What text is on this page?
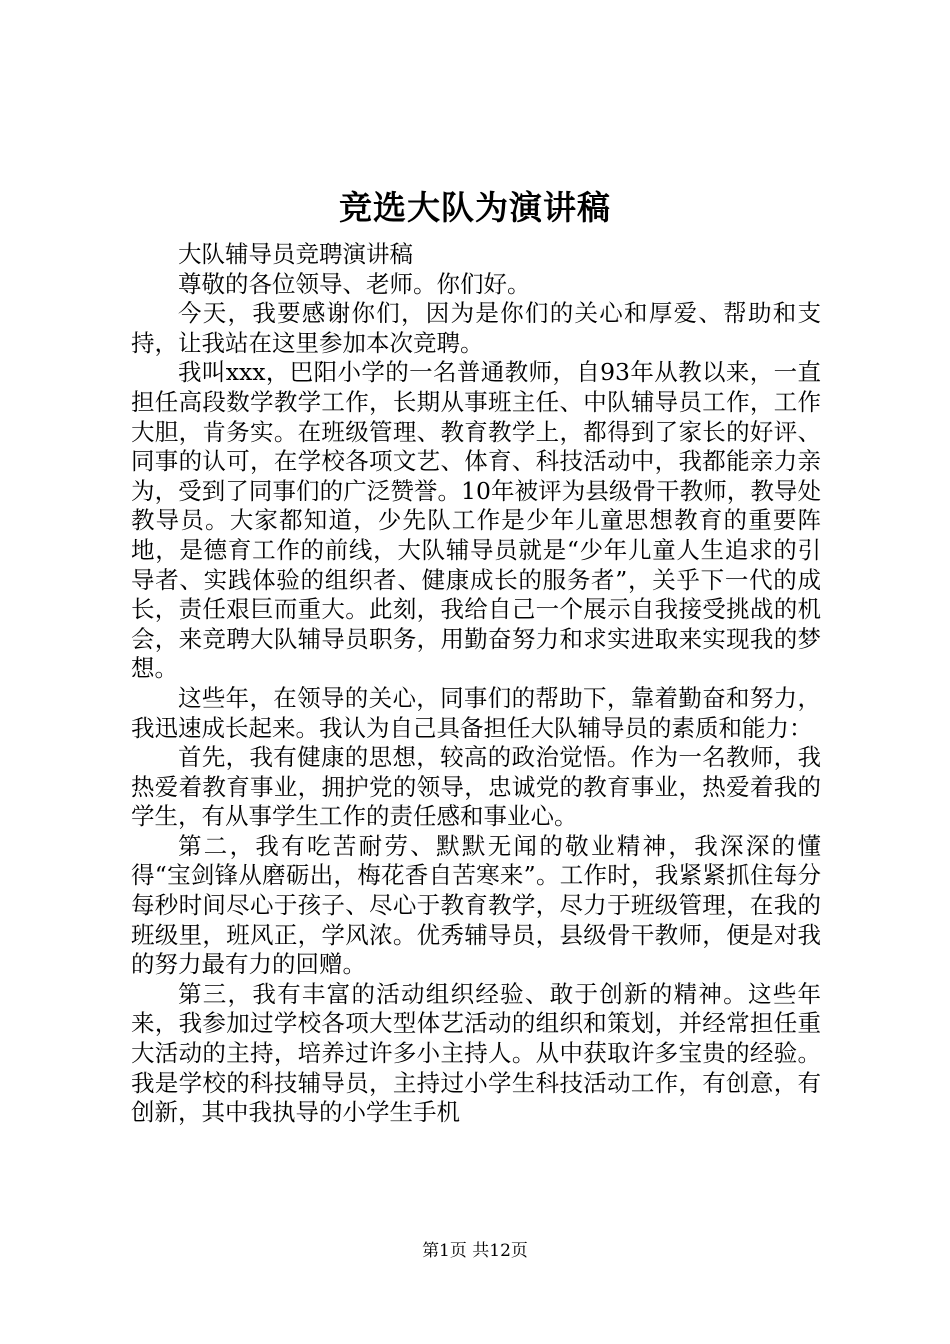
竞选大队为演讲稿

大队辅导员竞聘演讲稿

尊敬的各位领导、老师。你们好。

今天，我要感谢你们，因为是你们的关心和厚爱、帮助和支持，让我站在这里参加本次竞聘。

我叫xxx，巴阳小学的一名普通教师，自93年从教以来，一直担任高段数学教学工作，长期从事班主任、中队辅导员工作，工作大胆，肯务实。在班级管理、教育教学上，都得到了家长的好评、同事的认可，在学校各项文艺、体育、科技活动中，我都能亲力亲为，受到了同事们的广泛赞誉。10年被评为县级骨干教师，教导处教导员。大家都知道，少先队工作是少年儿童思想教育的重要阵地，是德育工作的前线，大队辅导员就是“少年儿童人生追求的引导者、实践体验的组织者、健康成长的服务者”，关乎下一代的成长，责任艰巨而重大。此刻，我给自己一个展示自我接受挑战的机会，来竞聘大队辅导员职务，用勤奋努力和求实进取来实现我的梦想。

这些年，在领导的关心，同事们的帮助下，靠着勤奋和努力，我迅速成长起来。我认为自己具备担任大队辅导员的素质和能力：

首先，我有健康的思想，较高的政治觉悟。作为一名教师，我热爱着教育事业，拥护党的领导，忠诚党的教育事业，热爱着我的学生，有从事学生工作的责任感和事业心。

第二，我有吃苦耐劳、默默无闻的敬业精神，我深深的懂得“宝剑锋从磨砺出，梅花香自苦寒来”。工作时，我紧紧抓住每分每秒时间尽心于孩子、尽心于教育教学，尽力于班级管理，在我的班级里，班风正，学风浓。优秀辅导员，县级骨干教师，便是对我的努力最有力的回赠。

第三，我有丰富的活动组织经验、敢于创新的精神。这些年来，我参加过学校各项大型体艺活动的组织和策划，并经常担任重大活动的主持，培养过许多小主持人。从中获取许多宝贵的经验。我是学校的科技辅导员，主持过小学生科技活动工作，有创意，有创新，其中我执导的小学生手机

第1页 共12页
